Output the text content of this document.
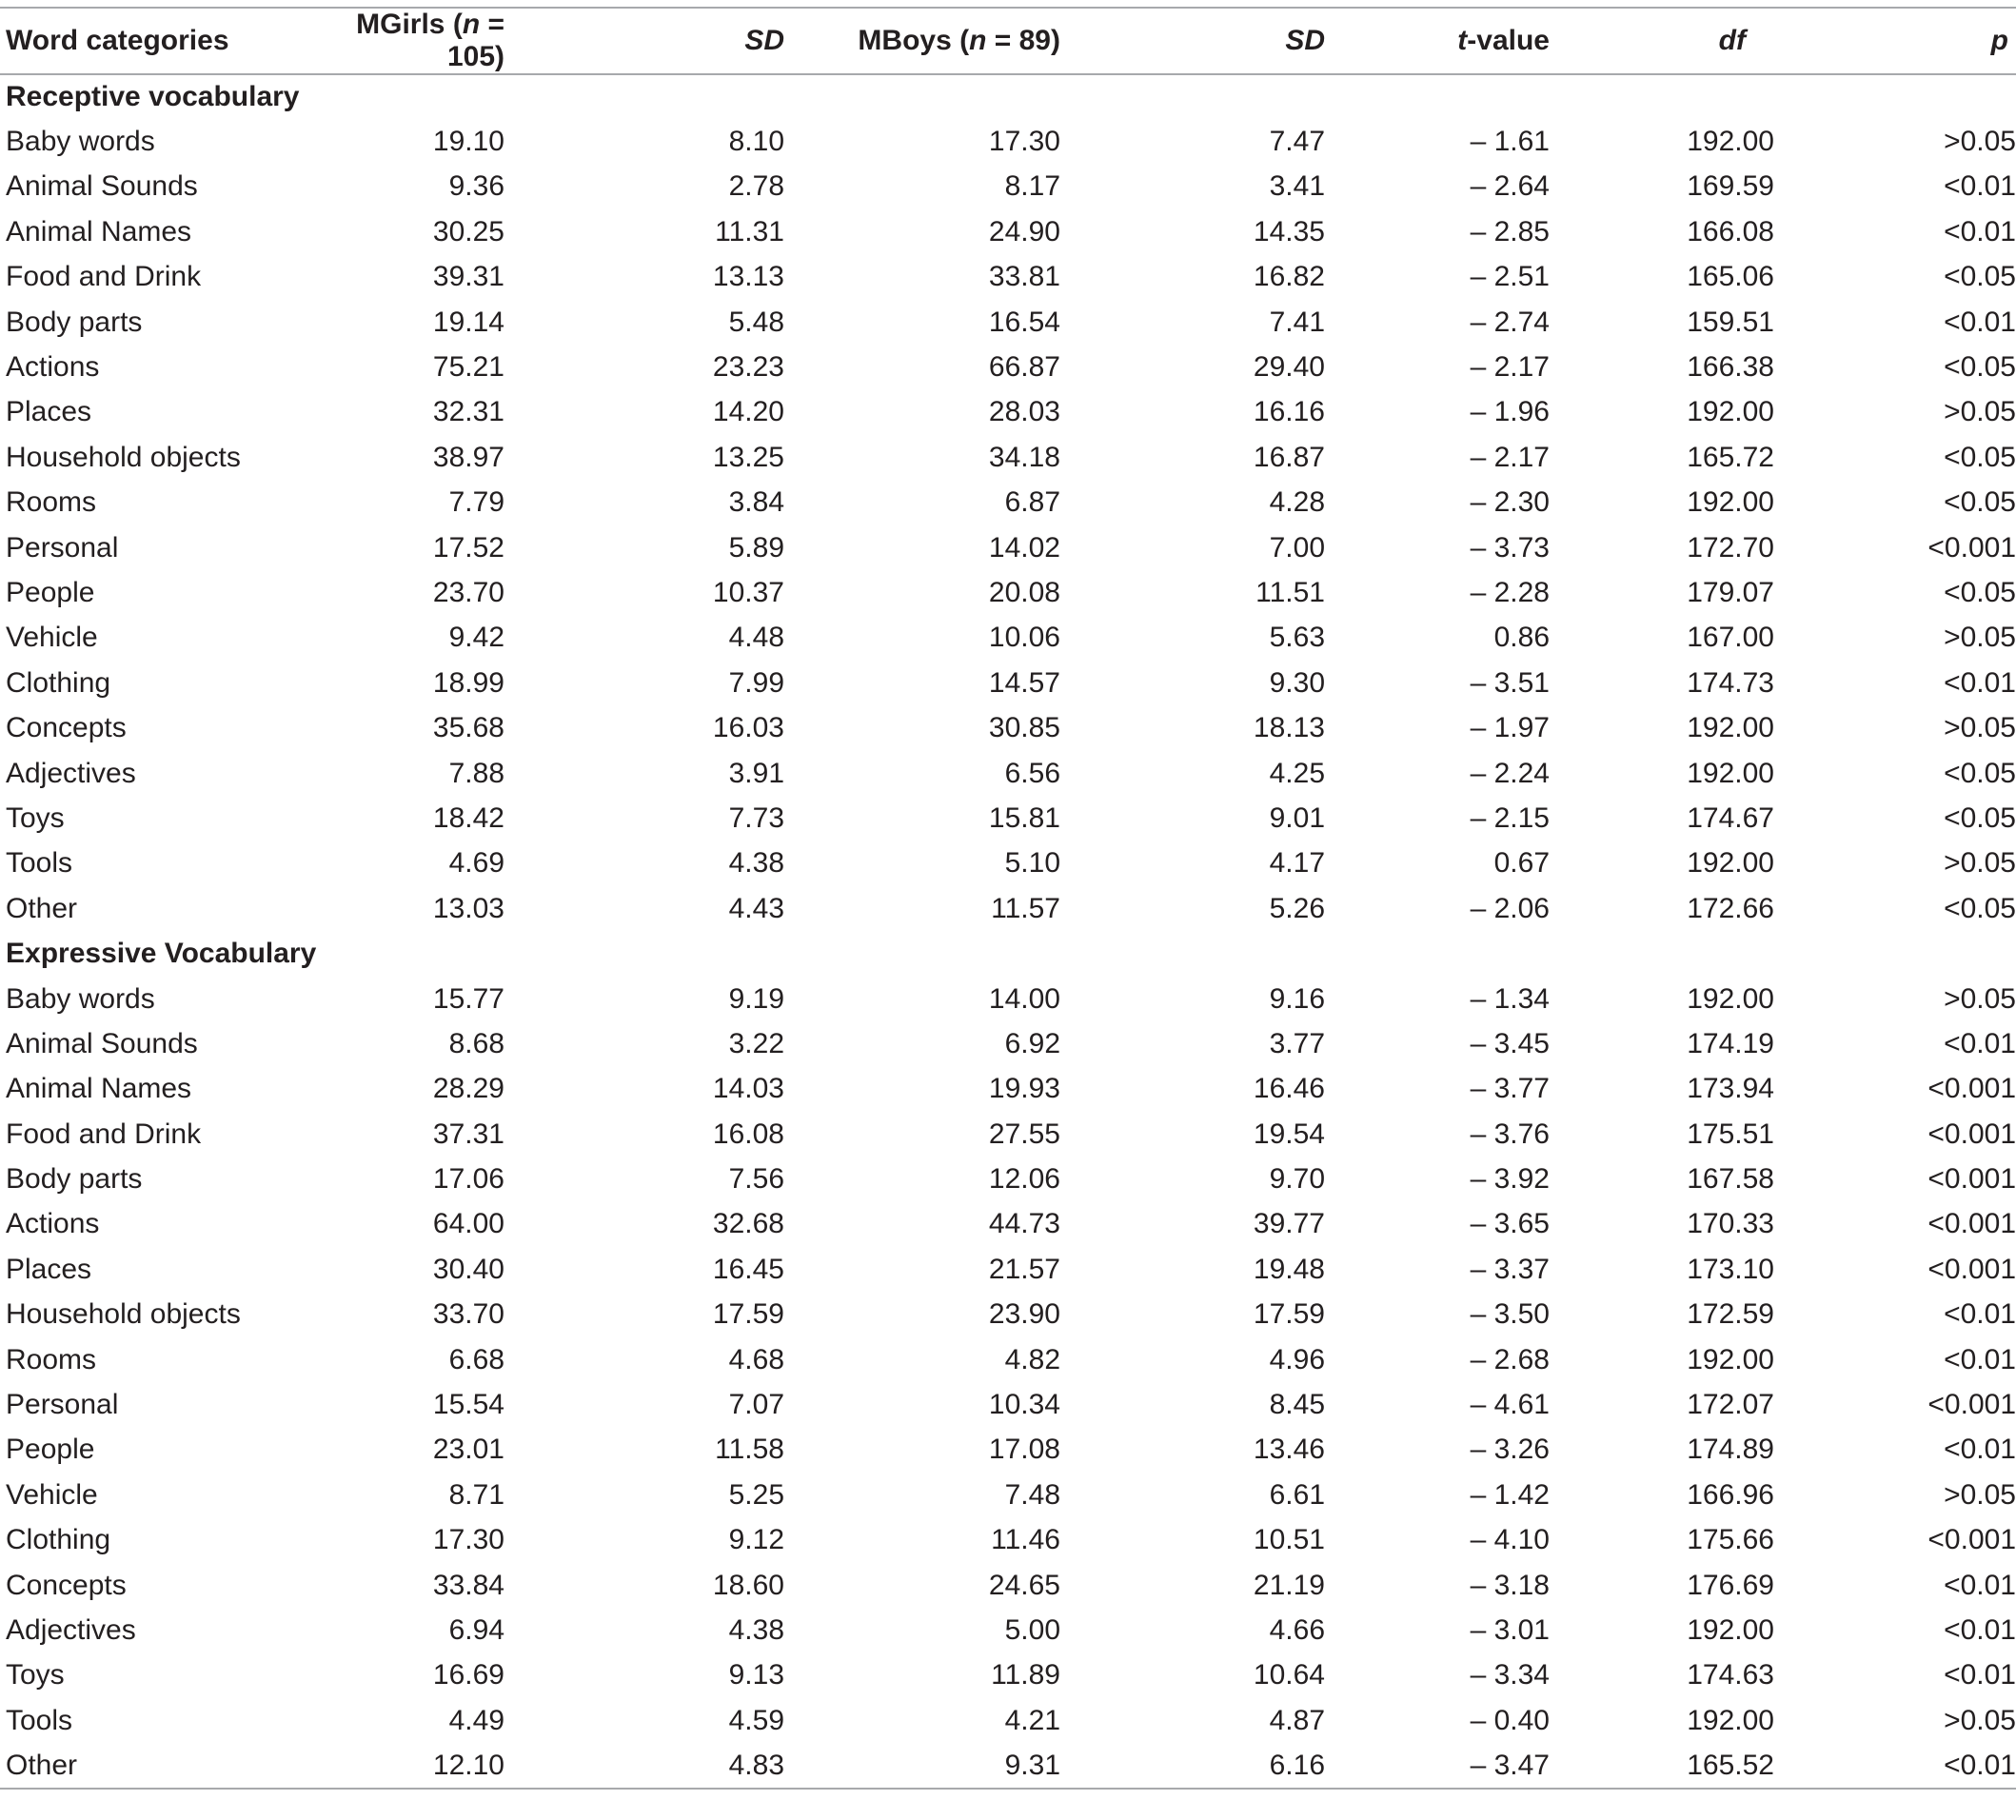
Word categories	MGirls (n = 105)	SD	MBoys (n = 89)	SD	t-value	df	p
Receptive vocabulary							
Baby words	19.10	8.10	17.30	7.47	– 1.61	192.00	>0.05
Animal Sounds	9.36	2.78	8.17	3.41	– 2.64	169.59	<0.01
Animal Names	30.25	11.31	24.90	14.35	– 2.85	166.08	<0.01
Food and Drink	39.31	13.13	33.81	16.82	– 2.51	165.06	<0.05
Body parts	19.14	5.48	16.54	7.41	– 2.74	159.51	<0.01
Actions	75.21	23.23	66.87	29.40	– 2.17	166.38	<0.05
Places	32.31	14.20	28.03	16.16	– 1.96	192.00	>0.05
Household objects	38.97	13.25	34.18	16.87	– 2.17	165.72	<0.05
Rooms	7.79	3.84	6.87	4.28	– 2.30	192.00	<0.05
Personal	17.52	5.89	14.02	7.00	– 3.73	172.70	<0.001
People	23.70	10.37	20.08	11.51	– 2.28	179.07	<0.05
Vehicle	9.42	4.48	10.06	5.63	0.86	167.00	>0.05
Clothing	18.99	7.99	14.57	9.30	– 3.51	174.73	<0.01
Concepts	35.68	16.03	30.85	18.13	– 1.97	192.00	>0.05
Adjectives	7.88	3.91	6.56	4.25	– 2.24	192.00	<0.05
Toys	18.42	7.73	15.81	9.01	– 2.15	174.67	<0.05
Tools	4.69	4.38	5.10	4.17	0.67	192.00	>0.05
Other	13.03	4.43	11.57	5.26	– 2.06	172.66	<0.05
Expressive Vocabulary							
Baby words	15.77	9.19	14.00	9.16	– 1.34	192.00	>0.05
Animal Sounds	8.68	3.22	6.92	3.77	– 3.45	174.19	<0.01
Animal Names	28.29	14.03	19.93	16.46	– 3.77	173.94	<0.001
Food and Drink	37.31	16.08	27.55	19.54	– 3.76	175.51	<0.001
Body parts	17.06	7.56	12.06	9.70	– 3.92	167.58	<0.001
Actions	64.00	32.68	44.73	39.77	– 3.65	170.33	<0.001
Places	30.40	16.45	21.57	19.48	– 3.37	173.10	<0.001
Household objects	33.70	17.59	23.90	17.59	– 3.50	172.59	<0.01
Rooms	6.68	4.68	4.82	4.96	– 2.68	192.00	<0.01
Personal	15.54	7.07	10.34	8.45	– 4.61	172.07	<0.001
People	23.01	11.58	17.08	13.46	– 3.26	174.89	<0.01
Vehicle	8.71	5.25	7.48	6.61	– 1.42	166.96	>0.05
Clothing	17.30	9.12	11.46	10.51	– 4.10	175.66	<0.001
Concepts	33.84	18.60	24.65	21.19	– 3.18	176.69	<0.01
Adjectives	6.94	4.38	5.00	4.66	– 3.01	192.00	<0.01
Toys	16.69	9.13	11.89	10.64	– 3.34	174.63	<0.01
Tools	4.49	4.59	4.21	4.87	– 0.40	192.00	>0.05
Other	12.10	4.83	9.31	6.16	– 3.47	165.52	<0.01
